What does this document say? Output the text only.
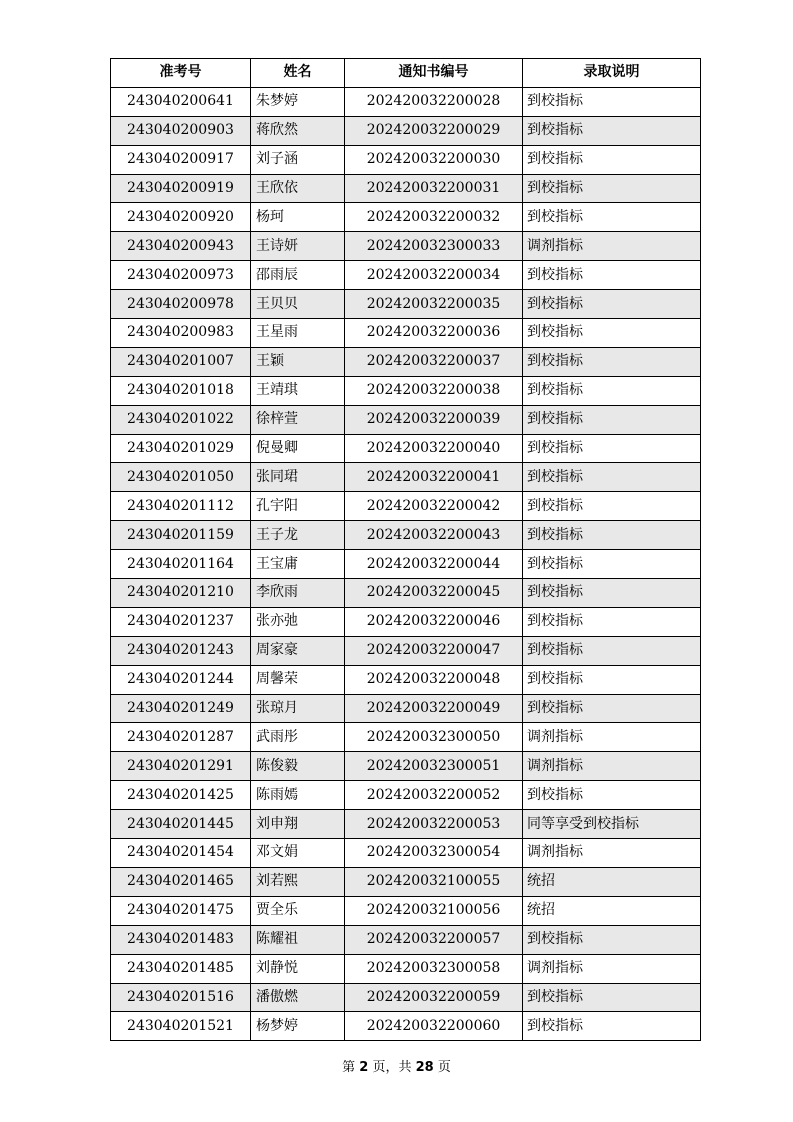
准考号	姓名	通知书编号	录取说明
243040200641	朱梦婷	202420032200028	到校指标
243040200903	蒋欣然	202420032200029	到校指标
243040200917	刘子涵	202420032200030	到校指标
243040200919	王欣依	202420032200031	到校指标
243040200920	杨珂	202420032200032	到校指标
243040200943	王诗妍	202420032300033	调剂指标
243040200973	邵雨辰	202420032200034	到校指标
243040200978	王贝贝	202420032200035	到校指标
243040200983	王星雨	202420032200036	到校指标
243040201007	王颖	202420032200037	到校指标
243040201018	王靖琪	202420032200038	到校指标
243040201022	徐梓萱	202420032200039	到校指标
243040201029	倪曼卿	202420032200040	到校指标
243040201050	张同珺	202420032200041	到校指标
243040201112	孔宇阳	202420032200042	到校指标
243040201159	王子龙	202420032200043	到校指标
243040201164	王宝庸	202420032200044	到校指标
243040201210	李欣雨	202420032200045	到校指标
243040201237	张亦弛	202420032200046	到校指标
243040201243	周家豪	202420032200047	到校指标
243040201244	周馨荣	202420032200048	到校指标
243040201249	张琼月	202420032200049	到校指标
243040201287	武雨彤	202420032300050	调剂指标
243040201291	陈俊毅	202420032300051	调剂指标
243040201425	陈雨嫣	202420032200052	到校指标
243040201445	刘申翔	202420032200053	同等享受到校指标
243040201454	邓文娟	202420032300054	调剂指标
243040201465	刘若熙	202420032100055	统招
243040201475	贾全乐	202420032100056	统招
243040201483	陈耀祖	202420032200057	到校指标
243040201485	刘静悦	202420032300058	调剂指标
243040201516	潘傲燃	202420032200059	到校指标
243040201521	杨梦婷	202420032200060	到校指标
第 2 页，共 28 页
